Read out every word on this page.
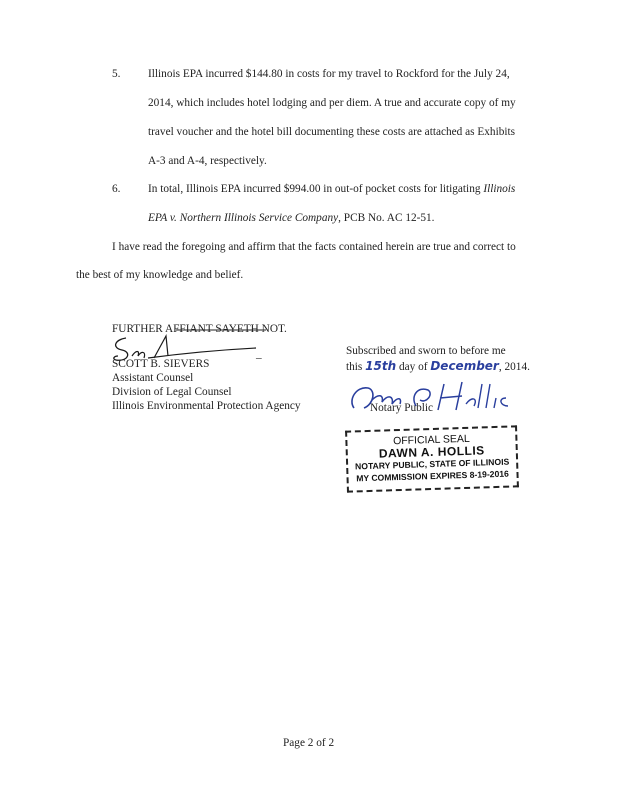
5. Illinois EPA incurred $144.80 in costs for my travel to Rockford for the July 24,
2014, which includes hotel lodging and per diem. A true and accurate copy of my
travel voucher and the hotel bill documenting these costs are attached as Exhibits
A-3 and A-4, respectively.
6. In total, Illinois EPA incurred $994.00 in out-of pocket costs for litigating Illinois
EPA v. Northern Illinois Service Company, PCB No. AC 12-51.
I have read the foregoing and affirm that the facts contained herein are true and correct to
the best of my knowledge and belief.
FURTHER AFFIANT SAYETH NOT.
_
SCOTT B. SIEVERS
Assistant Counsel
Division of Legal Counsel
Illinois Environmental Protection Agency
Subscribed and sworn to before me
this 15th day of December, 2014.
Notary Public
OFFICIAL SEAL
DAWN A. HOLLIS
NOTARY PUBLIC, STATE OF ILLINOIS
MY COMMISSION EXPIRES 8-19-2016
Page 2 of 2
